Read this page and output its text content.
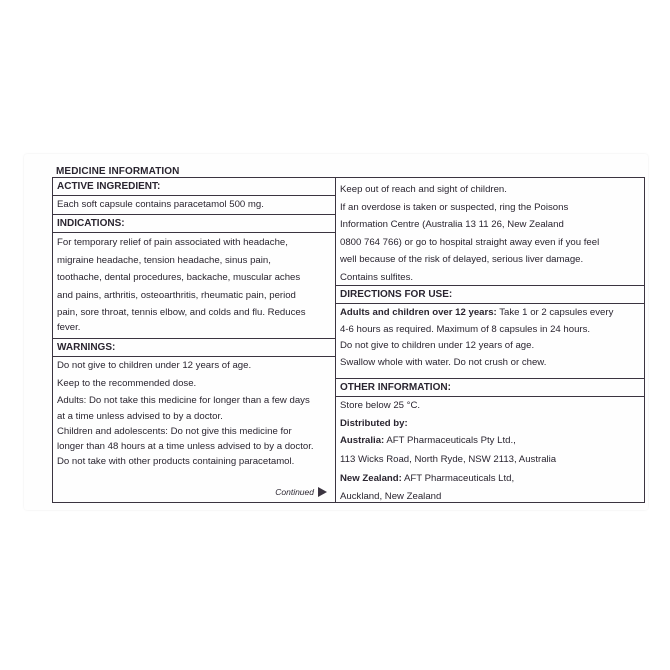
MEDICINE INFORMATION
ACTIVE INGREDIENT:

Each soft capsule contains paracetamol 500 mg.

INDICATIONS:

For temporary relief of pain associated with headache,

migraine headache, tension headache, sinus pain,

toothache, dental procedures, backache, muscular aches

and pains, arthritis, osteoarthritis, rheumatic pain, period

pain, sore throat, tennis elbow, and colds and flu. Reduces

fever.

WARNINGS:

Do not give to children under 12 years of age.

Keep to the recommended dose.

Adults: Do not take this medicine for longer than a few days

at a time unless advised to by a doctor.

Children and adolescents: Do not give this medicine for

longer than 48 hours at a time unless advised to by a doctor.

Do not take with other products containing paracetamol.

Continued

Keep out of reach and sight of children.

If an overdose is taken or suspected, ring the Poisons

Information Centre (Australia 13 11 26, New Zealand

0800 764 766) or go to hospital straight away even if you feel

well because of the risk of delayed, serious liver damage.

Contains sulfites.

DIRECTIONS FOR USE:

Adults and children over 12 years: Take 1 or 2 capsules every

4-6 hours as required. Maximum of 8 capsules in 24 hours.

Do not give to children under 12 years of age.

Swallow whole with water. Do not crush or chew.

OTHER INFORMATION:

Store below 25 °C.

Distributed by:

Australia: AFT Pharmaceuticals Pty Ltd.,

113 Wicks Road, North Ryde, NSW 2113, Australia

New Zealand: AFT Pharmaceuticals Ltd,

Auckland, New Zealand
